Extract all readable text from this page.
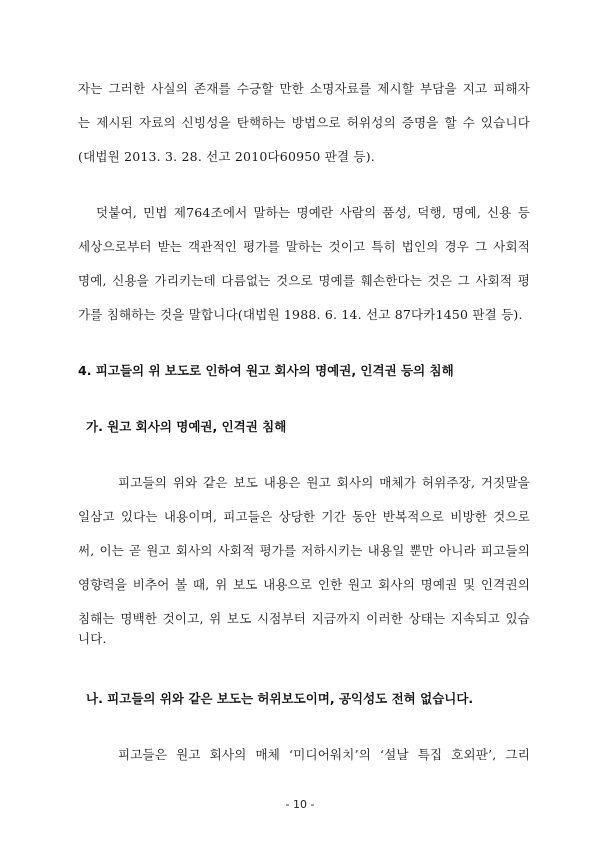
자는 그러한 사실의 존재를 수긍할 만한 소명자료를 제시할 부담을 지고 피해자
는 제시된 자료의 신빙성을 탄핵하는 방법으로 허위성의 증명을 할 수 있습니다
(대법원 2013. 3. 28. 선고 2010다60950 판결 등).
덧붙여, 민법 제764조에서 말하는 명예란 사람의 품성, 덕행, 명예, 신용 등
세상으로부터 받는 객관적인 평가를 말하는 것이고 특히 법인의 경우 그 사회적
명예, 신용을 가리키는데 다름없는 것으로 명예를 훼손한다는 것은 그 사회적 평
가를 침해하는 것을 말합니다(대법원 1988. 6. 14. 선고 87다카1450 판결 등).
4. 피고들의 위 보도로 인하여 원고 회사의 명예권, 인격권 등의 침해
가. 원고 회사의 명예권, 인격권 침해
피고들의 위와 같은 보도 내용은 원고 회사의 매체가 허위주장, 거짓말을
일삼고 있다는 내용이며, 피고들은 상당한 기간 동안 반복적으로 비방한 것으로
써, 이는 곧 원고 회사의 사회적 평가를 저하시키는 내용일 뿐만 아니라 피고들의
영향력을 비추어 볼 때, 위 보도 내용으로 인한 원고 회사의 명예권 및 인격권의
침해는 명백한 것이고, 위 보도 시점부터 지금까지 이러한 상태는 지속되고 있습
니다.
나. 피고들의 위와 같은 보도는 허위보도이며, 공익성도 전혀 없습니다.
피고들은 원고 회사의 매체 ‘미디어워치’의 ‘설날 특집 호외판’, 그리
- 10 -
